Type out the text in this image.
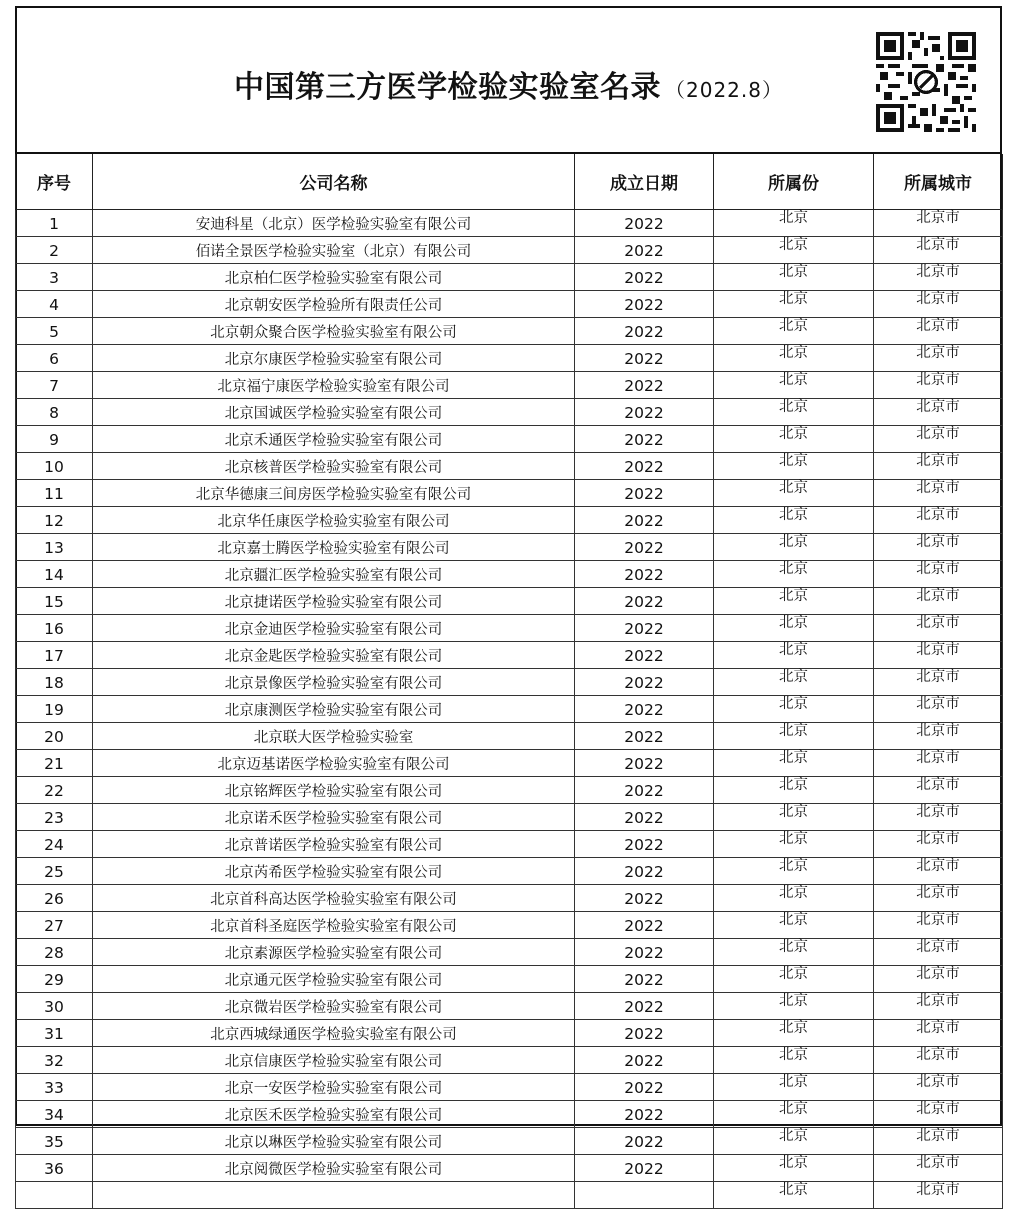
中国第三方医学检验实验室名录 （2022.8）
序号	公司名称	成立日期	所属份	所属城市
1	安迪科星（北京）医学检验实验室有限公司	2022	北京	北京市
2	佰诺全景医学检验实验室（北京）有限公司	2022	北京	北京市
3	北京柏仁医学检验实验室有限公司	2022	北京	北京市
4	北京朝安医学检验所有限责任公司	2022	北京	北京市
5	北京朝众聚合医学检验实验室有限公司	2022	北京	北京市
6	北京尔康医学检验实验室有限公司	2022	北京	北京市
7	北京福宁康医学检验实验室有限公司	2022	北京	北京市
8	北京国诚医学检验实验室有限公司	2022	北京	北京市
9	北京禾通医学检验实验室有限公司	2022	北京	北京市
10	北京核普医学检验实验室有限公司	2022	北京	北京市
11	北京华德康三间房医学检验实验室有限公司	2022	北京	北京市
12	北京华任康医学检验实验室有限公司	2022	北京	北京市
13	北京嘉士腾医学检验实验室有限公司	2022	北京	北京市
14	北京疆汇医学检验实验室有限公司	2022	北京	北京市
15	北京捷诺医学检验实验室有限公司	2022	北京	北京市
16	北京金迪医学检验实验室有限公司	2022	北京	北京市
17	北京金匙医学检验实验室有限公司	2022	北京	北京市
18	北京景像医学检验实验室有限公司	2022	北京	北京市
19	北京康测医学检验实验室有限公司	2022	北京	北京市
20	北京联大医学检验实验室	2022	北京	北京市
21	北京迈基诺医学检验实验室有限公司	2022	北京	北京市
22	北京铭辉医学检验实验室有限公司	2022	北京	北京市
23	北京诺禾医学检验实验室有限公司	2022	北京	北京市
24	北京普诺医学检验实验室有限公司	2022	北京	北京市
25	北京芮希医学检验实验室有限公司	2022	北京	北京市
26	北京首科高达医学检验实验室有限公司	2022	北京	北京市
27	北京首科圣庭医学检验实验室有限公司	2022	北京	北京市
28	北京素源医学检验实验室有限公司	2022	北京	北京市
29	北京通元医学检验实验室有限公司	2022	北京	北京市
30	北京微岩医学检验实验室有限公司	2022	北京	北京市
31	北京西城绿通医学检验实验室有限公司	2022	北京	北京市
32	北京信康医学检验实验室有限公司	2022	北京	北京市
33	北京一安医学检验实验室有限公司	2022	北京	北京市
34	北京医禾医学检验实验室有限公司	2022	北京	北京市
35	北京以琳医学检验实验室有限公司	2022	北京	北京市
36	北京阅微医学检验实验室有限公司	2022	北京	北京市
			北京	北京市
